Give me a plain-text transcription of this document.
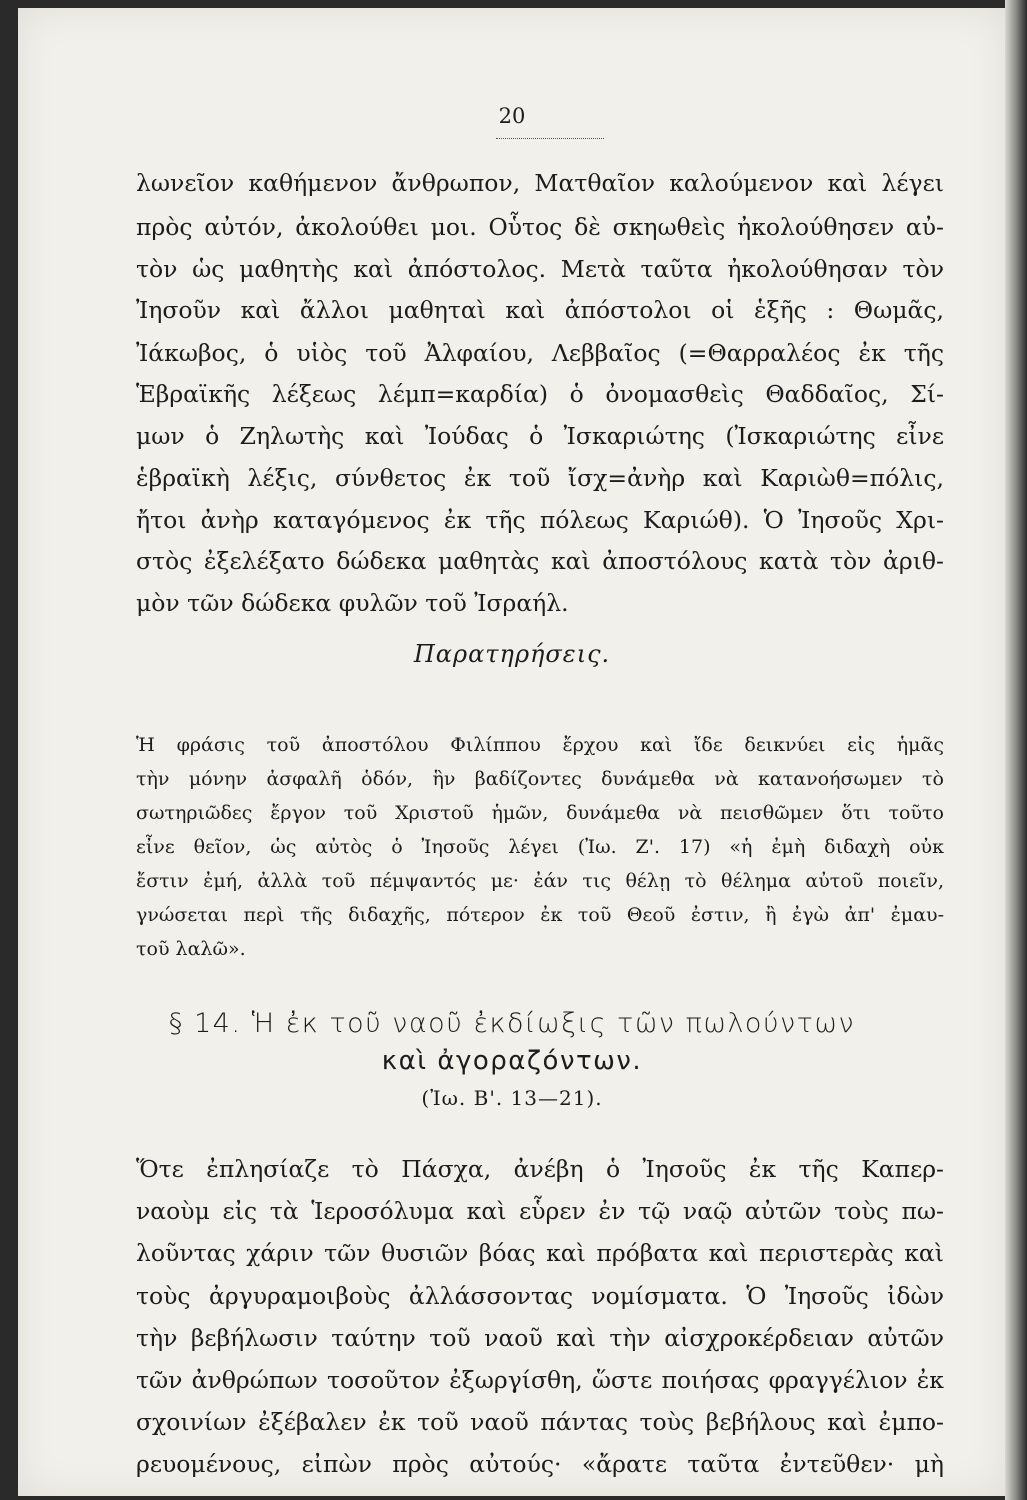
20
λωνεῖον καθήμενον ἄνθρωπον, Ματθαῖον καλούμενον καὶ λέγει
πρὸς αὐτόν, ἀκολούθει μοι. Οὗτος δὲ σκηωθεὶς ἠκολούθησεν αὐ-
τὸν ὡς μαθητὴς καὶ ἀπόστολος. Μετὰ ταῦτα ἠκολούθησαν τὸν
Ἰησοῦν καὶ ἄλλοι μαθηταὶ καὶ ἀπόστολοι οἱ ἑξῆς : Θωμᾶς,
Ἰάκωβος, ὁ υἱὸς τοῦ Ἀλφαίου, Λεββαῖος (=Θαρραλέος ἐκ τῆς
Ἑβραϊκῆς λέξεως λέμπ=καρδία) ὁ ὀνομασθεὶς Θαδδαῖος, Σί-
μων ὁ Ζηλωτὴς καὶ Ἰούδας ὁ Ἰσκαριώτης (Ἰσκαριώτης εἶνε
ἑβραϊκὴ λέξις, σύνθετος ἐκ τοῦ ἴσχ=ἀνὴρ καὶ Καριὼθ=πόλις,
ἤτοι ἀνὴρ καταγόμενος ἐκ τῆς πόλεως Καριώθ). Ὁ Ἰησοῦς Χρι-
στὸς ἐξελέξατο δώδεκα μαθητὰς καὶ ἀποστόλους κατὰ τὸν ἀριθ-
μὸν τῶν δώδεκα φυλῶν τοῦ Ἰσραήλ.
Παρατηρήσεις.
Ἡ φράσις τοῦ ἀποστόλου Φιλίππου ἔρχου καὶ ἴδε δεικνύει εἰς ἡμᾶς
τὴν μόνην ἀσφαλῆ ὁδόν, ἣν βαδίζοντες δυνάμεθα νὰ κατανοήσωμεν τὸ
σωτηριῶδες ἔργον τοῦ Χριστοῦ ἡμῶν, δυνάμεθα νὰ πεισθῶμεν ὅτι τοῦτο
εἶνε θεῖον, ὡς αὐτὸς ὁ Ἰησοῦς λέγει (Ἰω. Ζ'. 17) «ἡ ἐμὴ διδαχὴ οὐκ
ἔστιν ἐμή, ἀλλὰ τοῦ πέμψαντός με· ἐάν τις θέλῃ τὸ θέλημα αὐτοῦ ποιεῖν,
γνώσεται περὶ τῆς διδαχῆς, πότερον ἐκ τοῦ Θεοῦ ἐστιν, ἢ ἐγὼ ἀπ' ἐμαυ-
τοῦ λαλῶ».
§ 14. Ἡ ἐκ τοῦ ναοῦ ἐκδίωξις τῶν πωλούντων
καὶ ἀγοραζόντων.
(Ἰω. Β'. 13—21).
Ὅτε ἐπλησίαζε τὸ Πάσχα, ἀνέβη ὁ Ἰησοῦς ἐκ τῆς Καπερ-
ναοὺμ εἰς τὰ Ἱεροσόλυμα καὶ εὗρεν ἐν τῷ ναῷ αὐτῶν τοὺς πω-
λοῦντας χάριν τῶν θυσιῶν βόας καὶ πρόβατα καὶ περιστερὰς καὶ
τοὺς ἀργυραμοιβοὺς ἀλλάσσοντας νομίσματα. Ὁ Ἰησοῦς ἰδὼν
τὴν βεβήλωσιν ταύτην τοῦ ναοῦ καὶ τὴν αἰσχροκέρδειαν αὐτῶν
τῶν ἀνθρώπων τοσοῦτον ἐξωργίσθη, ὥστε ποιήσας φραγγέλιον ἐκ
σχοινίων ἐξέβαλεν ἐκ τοῦ ναοῦ πάντας τοὺς βεβήλους καὶ ἐμπο-
ρευομένους, εἰπὼν πρὸς αὐτούς· «ἄρατε ταῦτα ἐντεῦθεν· μὴ
